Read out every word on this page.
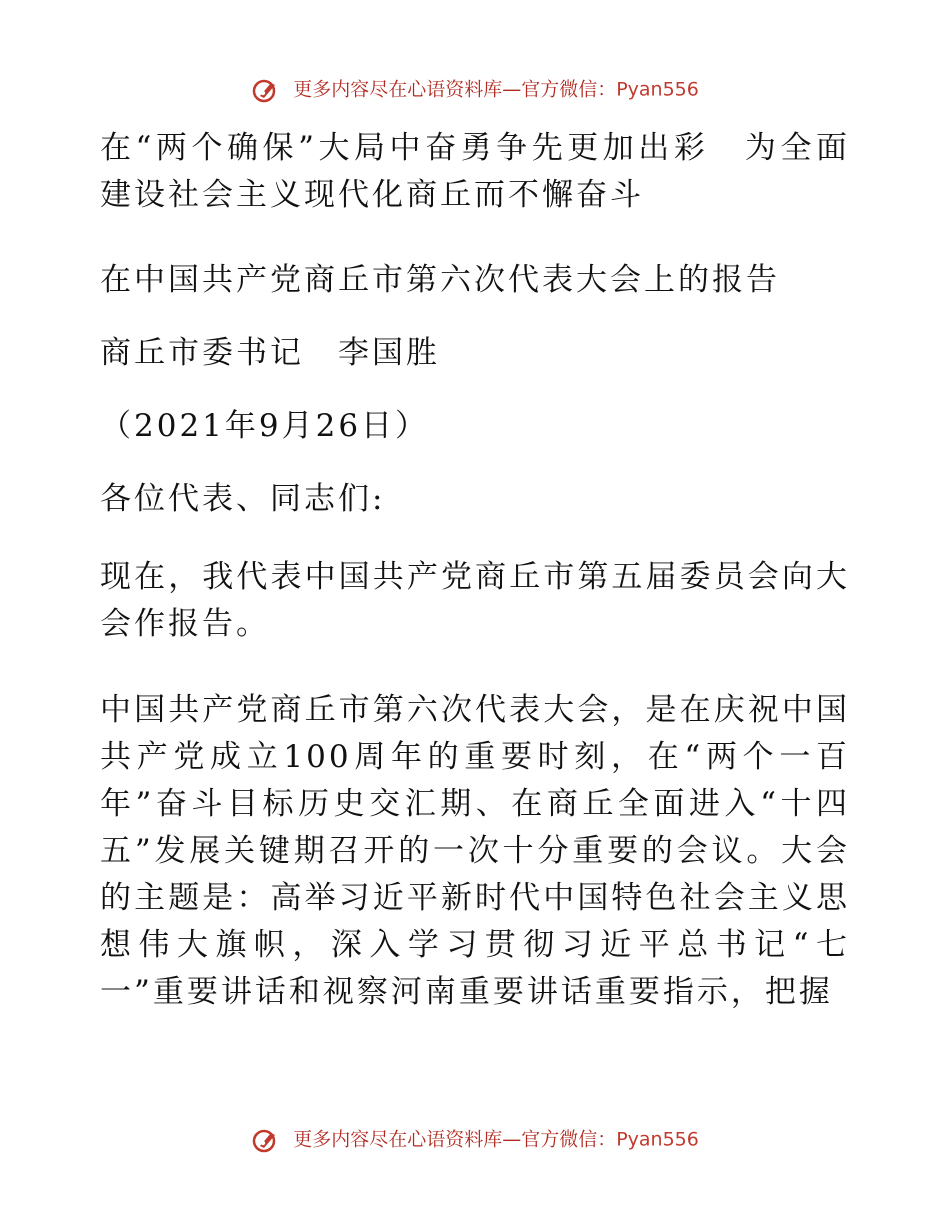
更多内容尽在心语资料库—官方微信：Pyan556

在“两个确保”大局中奋勇争先更加出彩　为全面建设社会主义现代化商丘而不懈奋斗

在中国共产党商丘市第六次代表大会上的报告

商丘市委书记　李国胜

（2021年9月26日）

各位代表、同志们:

现在，我代表中国共产党商丘市第五届委员会向大会作报告。

中国共产党商丘市第六次代表大会，是在庆祝中国共产党成立100周年的重要时刻，在“两个一百年”奋斗目标历史交汇期、在商丘全面进入“十四五”发展关键期召开的一次十分重要的会议。大会的主题是：高举习近平新时代中国特色社会主义思想伟大旗帜，深入学习贯彻习近平总书记“七一”重要讲话和视察河南重要讲话重要指示，把握

更多内容尽在心语资料库—官方微信：Pyan556
